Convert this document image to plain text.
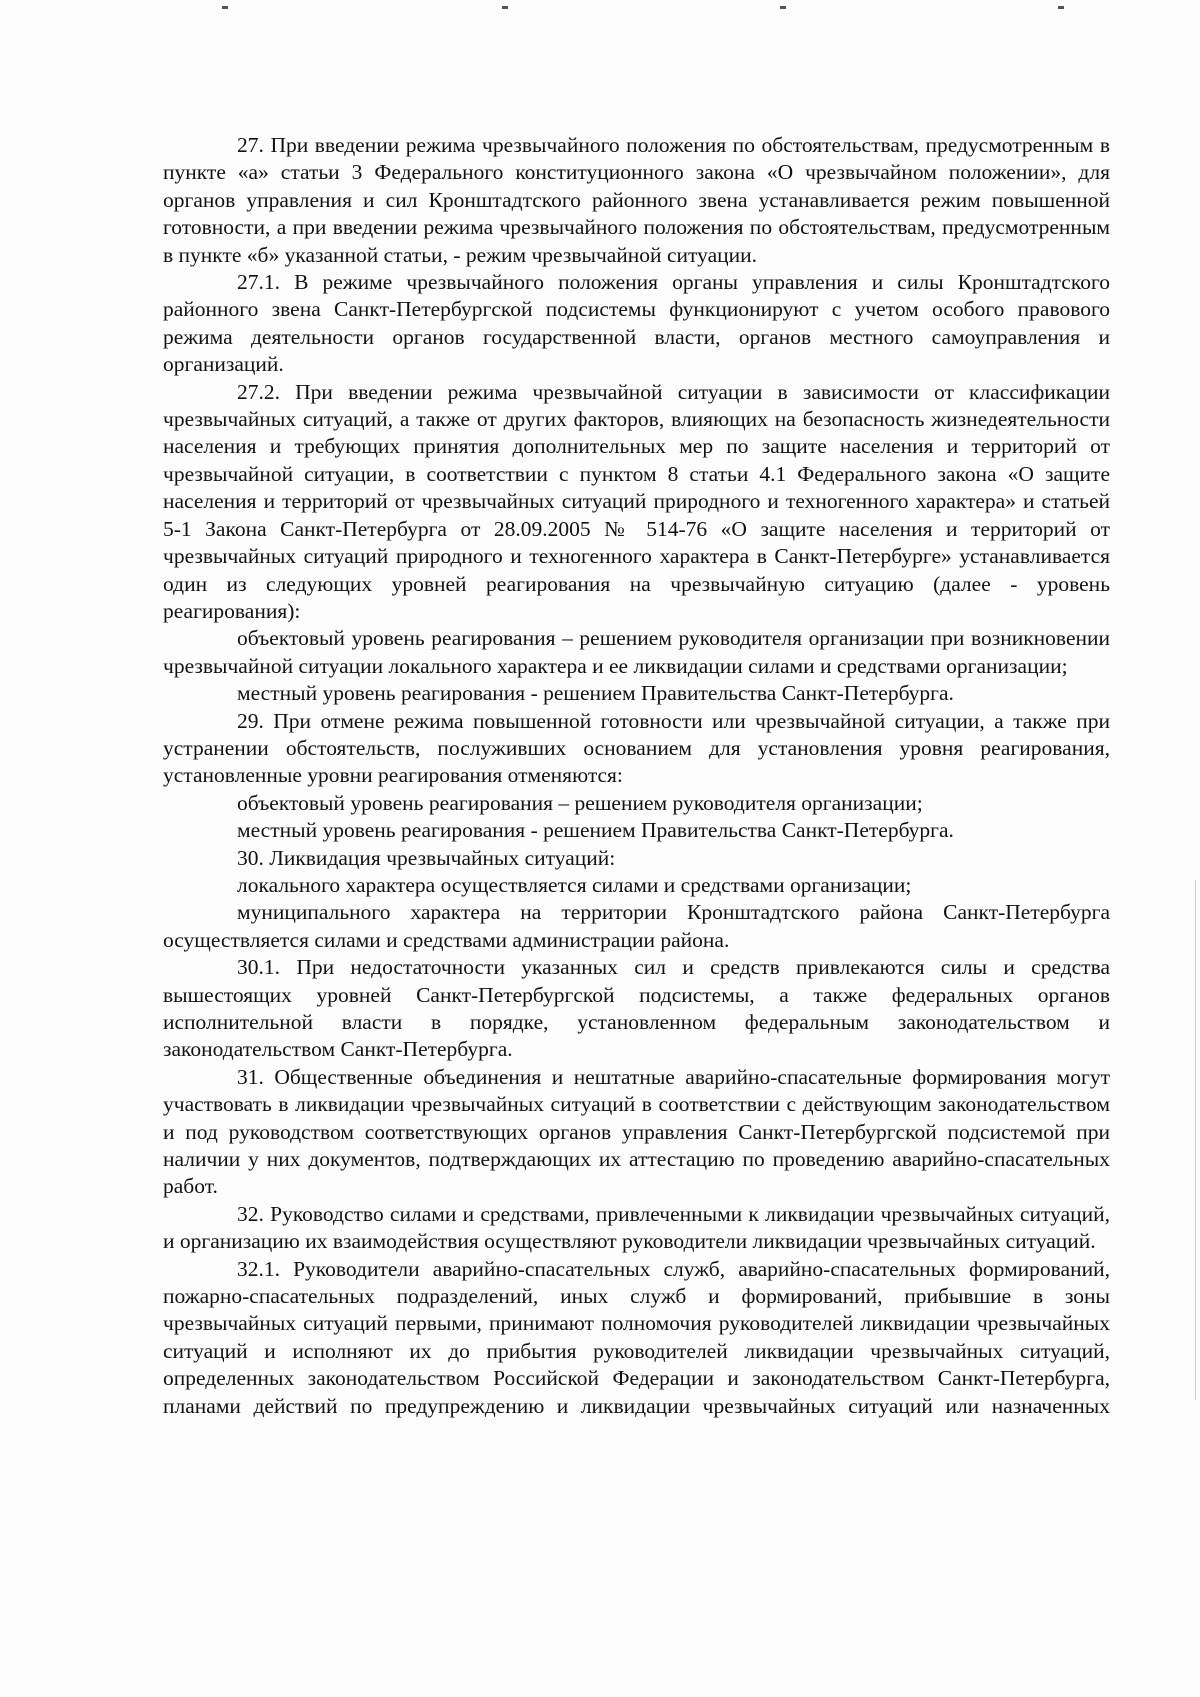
27. При введении режима чрезвычайного положения по обстоятельствам, предусмотренным в пункте «а» статьи 3 Федерального конституционного закона «О чрезвычайном положении», для органов управления и сил Кронштадтского районного звена устанавливается режим повышенной готовности, а при введении режима чрезвычайного положения по обстоятельствам, предусмотренным в пункте «б» указанной статьи, - режим чрезвычайной ситуации.

27.1. В режиме чрезвычайного положения органы управления и силы Кронштадтского районного звена Санкт-Петербургской подсистемы функционируют с учетом особого правового режима деятельности органов государственной власти, органов местного самоуправления и организаций.

27.2. При введении режима чрезвычайной ситуации в зависимости от классификации чрезвычайных ситуаций, а также от других факторов, влияющих на безопасность жизнедеятельности населения и требующих принятия дополнительных мер по защите населения и территорий от чрезвычайной ситуации, в соответствии с пунктом 8 статьи 4.1 Федерального закона «О защите населения и территорий от чрезвычайных ситуаций природного и техногенного характера» и статьей 5-1 Закона Санкт-Петербурга от 28.09.2005 № 514-76 «О защите населения и территорий от чрезвычайных ситуаций природного и техногенного характера в Санкт-Петербурге» устанавливается один из следующих уровней реагирования на чрезвычайную ситуацию (далее - уровень реагирования):

объектовый уровень реагирования – решением руководителя организации при возникновении чрезвычайной ситуации локального характера и ее ликвидации силами и средствами организации;

местный уровень реагирования - решением Правительства Санкт-Петербурга.

29. При отмене режима повышенной готовности или чрезвычайной ситуации, а также при устранении обстоятельств, послуживших основанием для установления уровня реагирования, установленные уровни реагирования отменяются:

объектовый уровень реагирования – решением руководителя организации;

местный уровень реагирования - решением Правительства Санкт-Петербурга.

30. Ликвидация чрезвычайных ситуаций:

локального характера осуществляется силами и средствами организации;

муниципального характера на территории Кронштадтского района Санкт-Петербурга осуществляется силами и средствами администрации района.

30.1. При недостаточности указанных сил и средств привлекаются силы и средства вышестоящих уровней Санкт-Петербургской подсистемы, а также федеральных органов исполнительной власти в порядке, установленном федеральным законодательством и законодательством Санкт-Петербурга.

31. Общественные объединения и нештатные аварийно-спасательные формирования могут участвовать в ликвидации чрезвычайных ситуаций в соответствии с действующим законодательством и под руководством соответствующих органов управления Санкт-Петербургской подсистемой при наличии у них документов, подтверждающих их аттестацию по проведению аварийно-спасательных работ.

32. Руководство силами и средствами, привлеченными к ликвидации чрезвычайных ситуаций, и организацию их взаимодействия осуществляют руководители ликвидации чрезвычайных ситуаций.

32.1. Руководители аварийно-спасательных служб, аварийно-спасательных формирований, пожарно-спасательных подразделений, иных служб и формирований, прибывшие в зоны чрезвычайных ситуаций первыми, принимают полномочия руководителей ликвидации чрезвычайных ситуаций и исполняют их до прибытия руководителей ликвидации чрезвычайных ситуаций, определенных законодательством Российской Федерации и законодательством Санкт-Петербурга, планами действий по предупреждению и ликвидации чрезвычайных ситуаций или назначенных
